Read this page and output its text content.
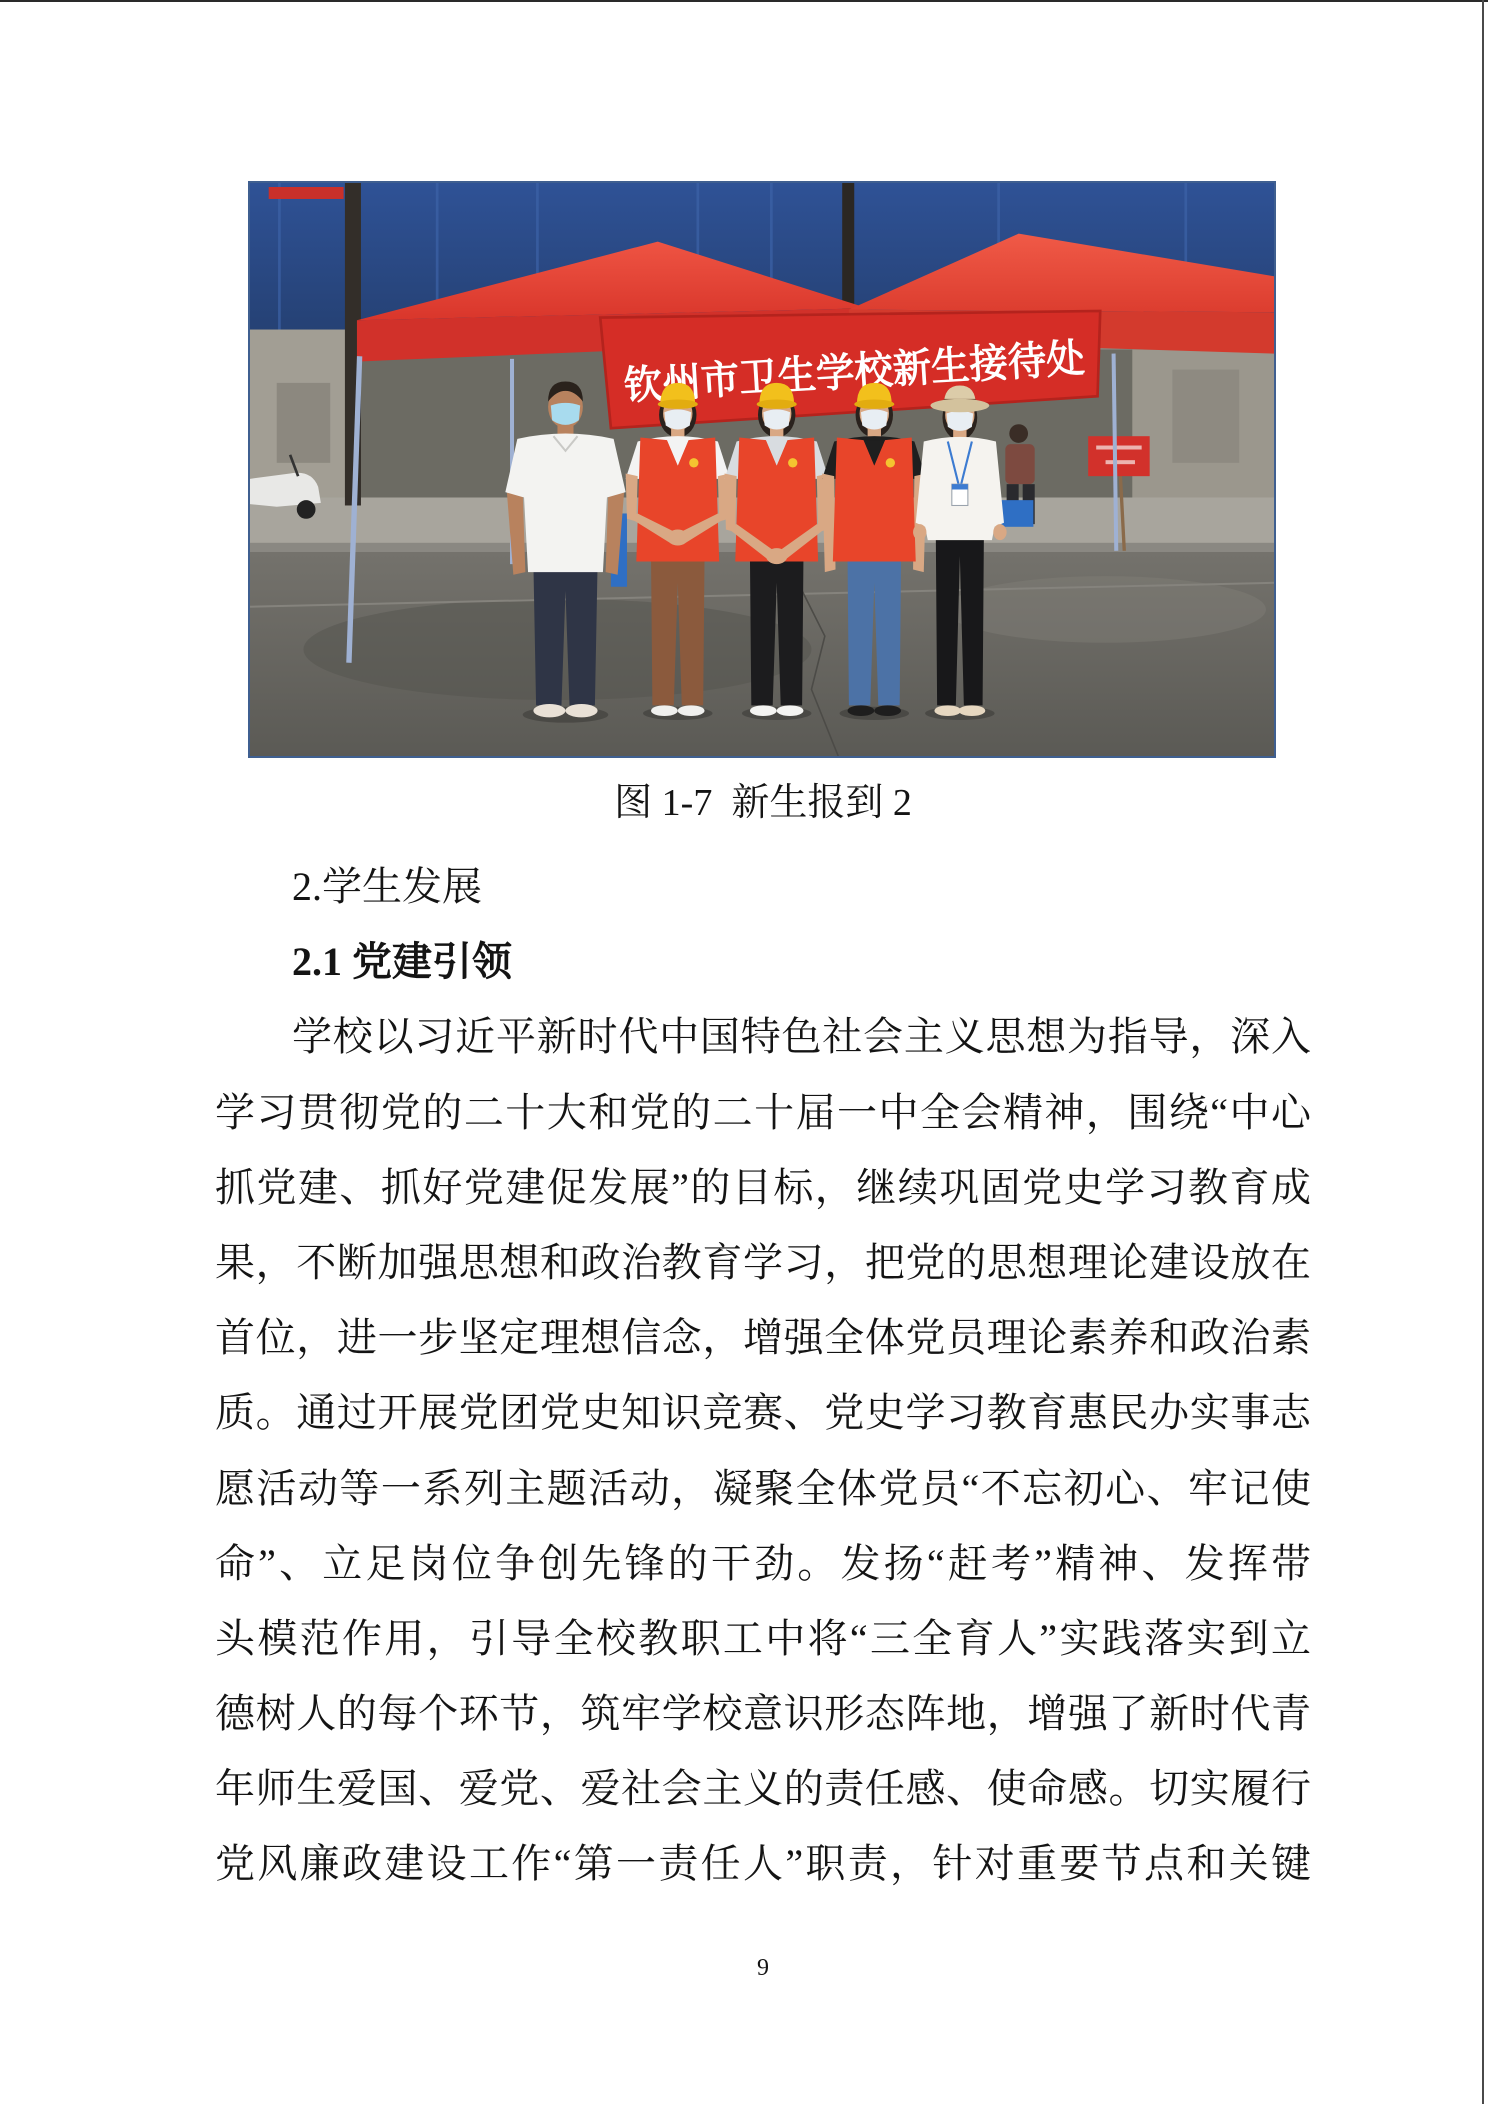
钦州市卫生学校新生接待处
图 1-7  新生报到 2
2.学生发展
2.1 党建引领
学校以习近平新时代中国特色社会主义思想为指导，深入
学习贯彻党的二十大和党的二十届一中全会精神，围绕“中心
抓党建、抓好党建促发展”的目标，继续巩固党史学习教育成
果，不断加强思想和政治教育学习，把党的思想理论建设放在
首位，进一步坚定理想信念，增强全体党员理论素养和政治素
质。通过开展党团党史知识竞赛、党史学习教育惠民办实事志
愿活动等一系列主题活动，凝聚全体党员“不忘初心、牢记使
命”、立足岗位争创先锋的干劲。发扬“赶考”精神、发挥带
头模范作用，引导全校教职工中将“三全育人”实践落实到立
德树人的每个环节，筑牢学校意识形态阵地，增强了新时代青
年师生爱国、爱党、爱社会主义的责任感、使命感。切实履行
党风廉政建设工作“第一责任人”职责，针对重要节点和关键
9
